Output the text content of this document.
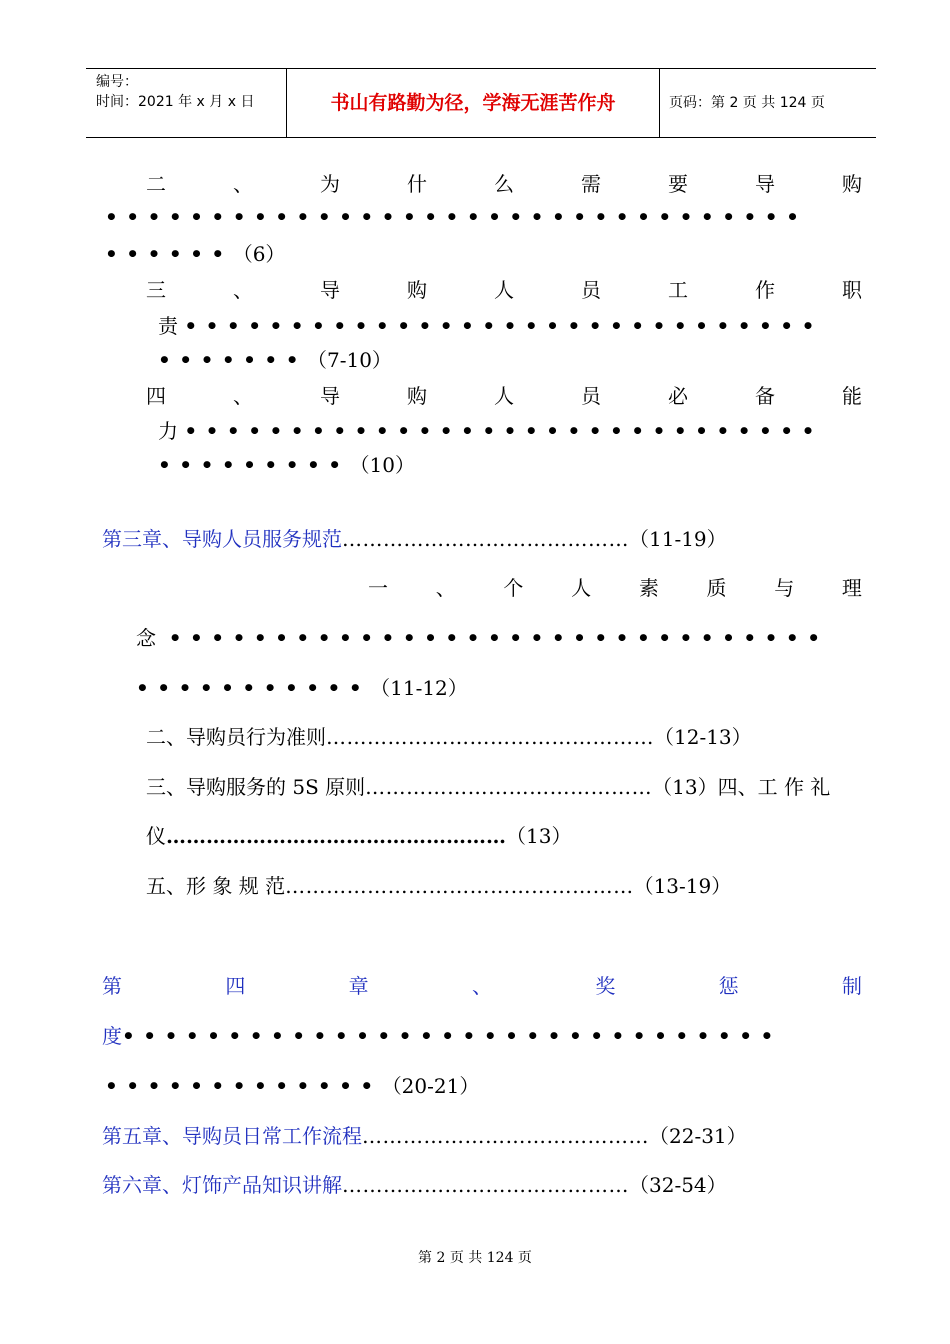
编号：
时间：2021 年 x 月 x 日	书山有路勤为径，学海无涯苦作舟	页码：第 2 页 共 124 页
二	、	为	什	么	需	要	导	购
•••••••••••••••••••••••••••••••••
••••••（6）
三	、	导	购	人	员	工	作	职
责 ••••••••••••••••••••••••••••••
•••••••（7-10）
四	、	导	购	人	员	必	备	能
力 ••••••••••••••••••••••••••••••
•••••••••（10）
第三章、导购人员服务规范……………………………………（11-19）
一 、 个 人 素 质 与 理
念 •••••••••••••••••••••••••••••••
•••••••••••（11-12）
二、导购员行为准则…………………………………………（12-13）
三、导购服务的 5S 原则……………………………………（13）四、工 作 礼
仪……………………………………………（13）
五、形 象 规 范……………………………………………（13-19）
第	四	章	、	奖	惩	制
度•••••••••••••••••••••••••••••••
•••••••••••••（20-21）
第五章、导购员日常工作流程……………………………………（22-31）
第六章、灯饰产品知识讲解……………………………………（32-54）
第 2 页 共 124 页
